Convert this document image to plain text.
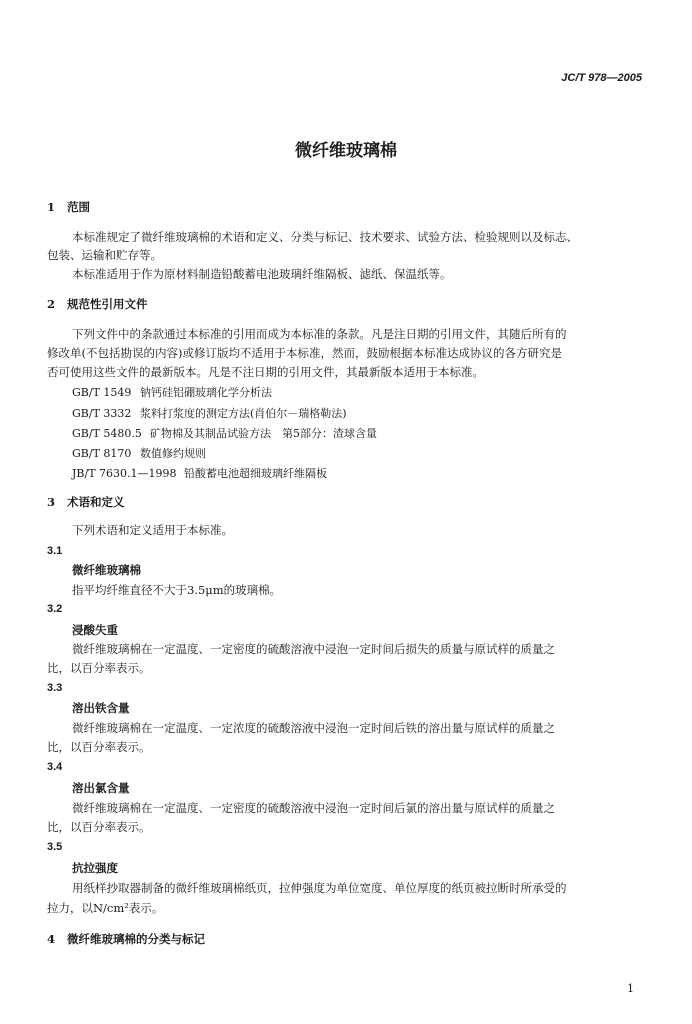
JC/T 978—2005
微纤维玻璃棉
1 范围
本标准规定了微纤维玻璃棉的术语和定义、分类与标记、技术要求、试验方法、检验规则以及标志、
包装、运输和贮存等。
本标准适用于作为原材料制造铅酸蓄电池玻璃纤维隔板、滤纸、保温纸等。
2 规范性引用文件
下列文件中的条款通过本标准的引用而成为本标准的条款。凡是注日期的引用文件，其随后所有的
修改单(不包括勘误的内容)或修订版均不适用于本标准，然而，鼓励根据本标准达成协议的各方研究是
否可使用这些文件的最新版本。凡是不注日期的引用文件，其最新版本适用于本标准。
GB/T 1549 钠钙硅铝硼玻璃化学分析法
GB/T 3332 浆料打浆度的测定方法(肖伯尔－瑞格勒法)
GB/T 5480.5 矿物棉及其制品试验方法　第5部分：渣球含量
GB/T 8170 数值修约规则
JB/T 7630.1—1998 铅酸蓄电池超细玻璃纤维隔板
3 术语和定义
下列术语和定义适用于本标准。
3.1
微纤维玻璃棉
指平均纤维直径不大于3.5μm的玻璃棉。
3.2
浸酸失重
微纤维玻璃棉在一定温度、一定密度的硫酸溶液中浸泡一定时间后损失的质量与原试样的质量之
比，以百分率表示。
3.3
溶出铁含量
微纤维玻璃棉在一定温度、一定浓度的硫酸溶液中浸泡一定时间后铁的溶出量与原试样的质量之
比，以百分率表示。
3.4
溶出氯含量
微纤维玻璃棉在一定温度、一定密度的硫酸溶液中浸泡一定时间后氯的溶出量与原试样的质量之
比，以百分率表示。
3.5
抗拉强度
用纸样抄取器制备的微纤维玻璃棉纸页，拉伸强度为单位宽度、单位厚度的纸页被拉断时所承受的
拉力，以N/cm²表示。
4 微纤维玻璃棉的分类与标记
1
